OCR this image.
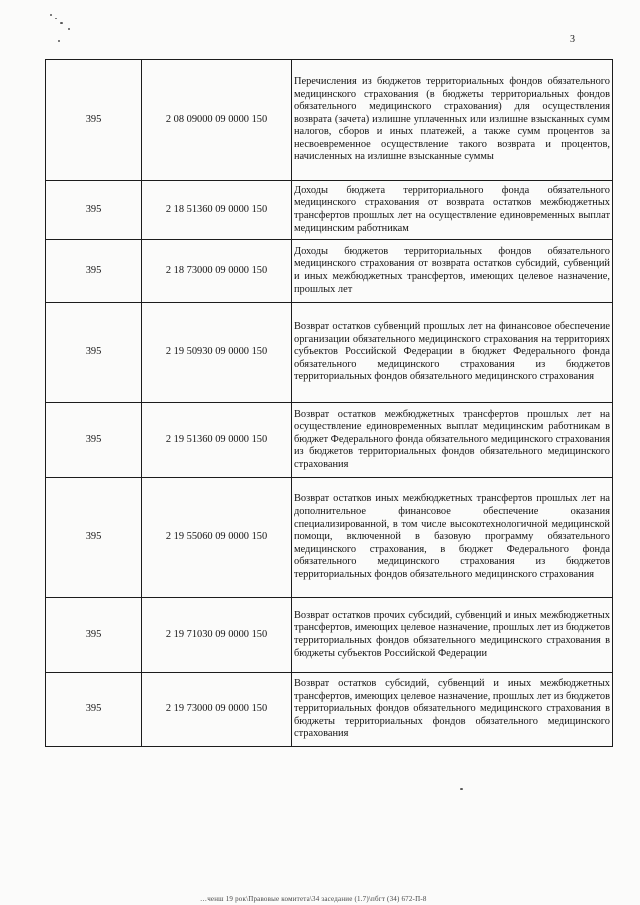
3
395	2 08 09000 09 0000 150	Перечисления из бюджетов территориальных фондов обязательного медицинского страхования (в бюджеты территориальных фондов обязательного медицинского страхования) для осуществления возврата (зачета) излишне уплаченных или излишне взысканных сумм налогов, сборов и иных платежей, а также сумм процентов за несвоевременное осуществление такого возврата и процентов, начисленных на излишне взысканные суммы
395	2 18 51360 09 0000 150	Доходы бюджета территориального фонда обязательного медицинского страхования от возврата остатков межбюджетных трансфертов прошлых лет на осуществление единовременных выплат медицинским работникам
395	2 18 73000 09 0000 150	Доходы бюджетов территориальных фондов обязательного медицинского страхования от возврата остатков субсидий, субвенций и иных межбюджетных трансфертов, имеющих целевое назначение, прошлых лет
395	2 19 50930 09 0000 150	Возврат остатков субвенций прошлых лет на финансовое обеспечение организации обязательного медицинского страхования на территориях субъектов Российской Федерации в бюджет Федерального фонда обязательного медицинского страхования из бюджетов территориальных фондов обязательного медицинского страхования
395	2 19 51360 09 0000 150	Возврат остатков межбюджетных трансфертов прошлых лет на осуществление единовременных выплат медицинским работникам в бюджет Федерального фонда обязательного медицинского страхования из бюджетов территориальных фондов обязательного медицинского страхования
395	2 19 55060 09 0000 150	Возврат остатков иных межбюджетных трансфертов прошлых лет на дополнительное финансовое обеспечение оказания специализированной, в том числе высокотехнологичной медицинской помощи, включенной в базовую программу обязательного медицинского страхования, в бюджет Федерального фонда обязательного медицинского страхования из бюджетов территориальных фондов обязательного медицинского страхования
395	2 19 71030 09 0000 150	Возврат остатков прочих субсидий, субвенций и иных межбюджетных трансфертов, имеющих целевое назначение, прошлых лет из бюджетов территориальных фондов обязательного медицинского страхования в бюджеты субъектов Российской Федерации
395	2 19 73000 09 0000 150	Возврат остатков субсидий, субвенций и иных межбюджетных трансфертов, имеющих целевое назначение, прошлых лет из бюджетов территориальных фондов обязательного медицинского страхования в бюджеты территориальных фондов обязательного медицинского страхования
…ченш 19 рок\Правовые комитета\34 заседание (1.7)\пбгт (34) 672-П-8
